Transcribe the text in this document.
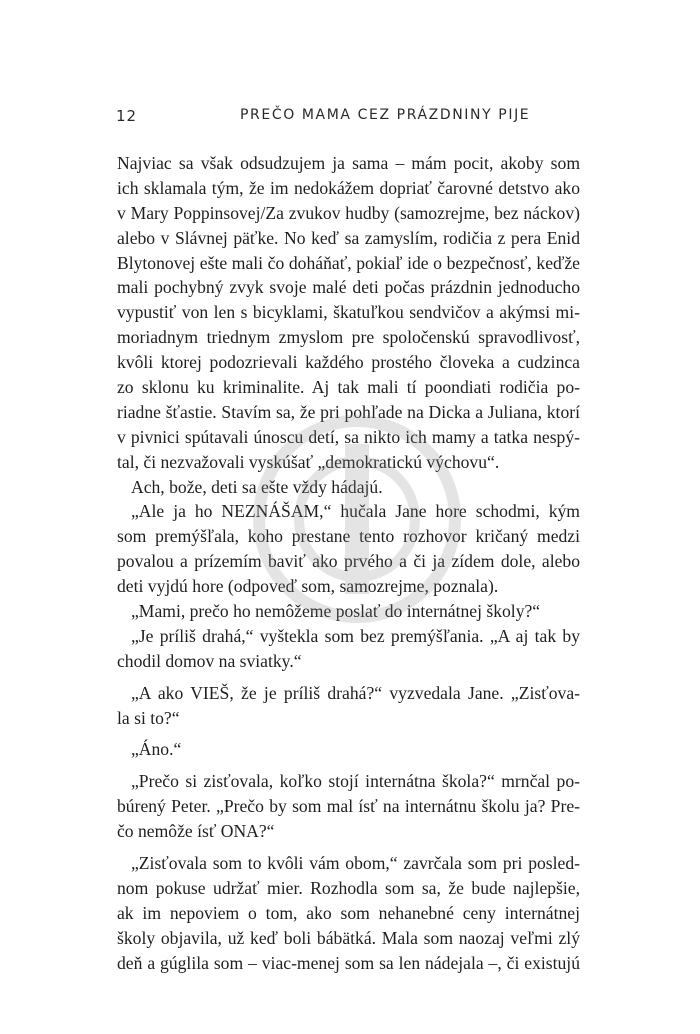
12	PREČO MAMA CEZ PRÁZDNINY PIJE
Najviac sa však odsudzujem ja sama – mám pocit, akoby som
ich sklamala tým, že im nedokážem dopriať čarovné detstvo ako
v Mary Poppinsovej/Za zvukov hudby (samozrejme, bez náckov)
alebo v Slávnej päťke. No keď sa zamyslím, rodičia z pera Enid
Blytonovej ešte mali čo doháňať, pokiaľ ide o bezpečnosť, keďže
mali pochybný zvyk svoje malé deti počas prázdnin jednoducho
vypustiť von len s bicyklami, škatuľkou sendvičov a akýmsi mi-
moriadnym triednym zmyslom pre spoločenskú spravodlivosť,
kvôli ktorej podozrievali každého prostého človeka a cudzinca
zo sklonu ku kriminalite. Aj tak mali tí poondiati rodičia po-
riadne šťastie. Stavím sa, že pri pohľade na Dicka a Juliana, ktorí
v pivnici spútavali únoscu detí, sa nikto ich mamy a tatka nespý-
tal, či nezvažovali vyskúšať „demokratickú výchovu“.
Ach, bože, deti sa ešte vždy hádajú.
„Ale ja ho NEZNÁŠAM,“ hučala Jane hore schodmi, kým
som premýšľala, koho prestane tento rozhovor kričaný medzi
povalou a prízemím baviť ako prvého a či ja zídem dole, alebo
deti vyjdú hore (odpoveď som, samozrejme, poznala).
„Mami, prečo ho nemôžeme poslať do internátnej školy?“
„Je príliš drahá,“ vyštekla som bez premýšľania. „A aj tak by
chodil domov na sviatky.“
„A ako VIEŠ, že je príliš drahá?“ vyzvedala Jane. „Zisťova-
la si to?“
„Áno.“
„Prečo si zisťovala, koľko stojí internátna škola?“ mrnčal po-
búrený Peter. „Prečo by som mal ísť na internátnu školu ja? Pre-
čo nemôže ísť ONA?“
„Zisťovala som to kvôli vám obom,“ zavrčala som pri posled-
nom pokuse udržať mier. Rozhodla som sa, že bude najlepšie,
ak im nepoviem o tom, ako som nehanebné ceny internátnej
školy objavila, už keď boli bábätká. Mala som naozaj veľmi zlý
deň a gúglila som – viac-menej som sa len nádejala –, či existujú
